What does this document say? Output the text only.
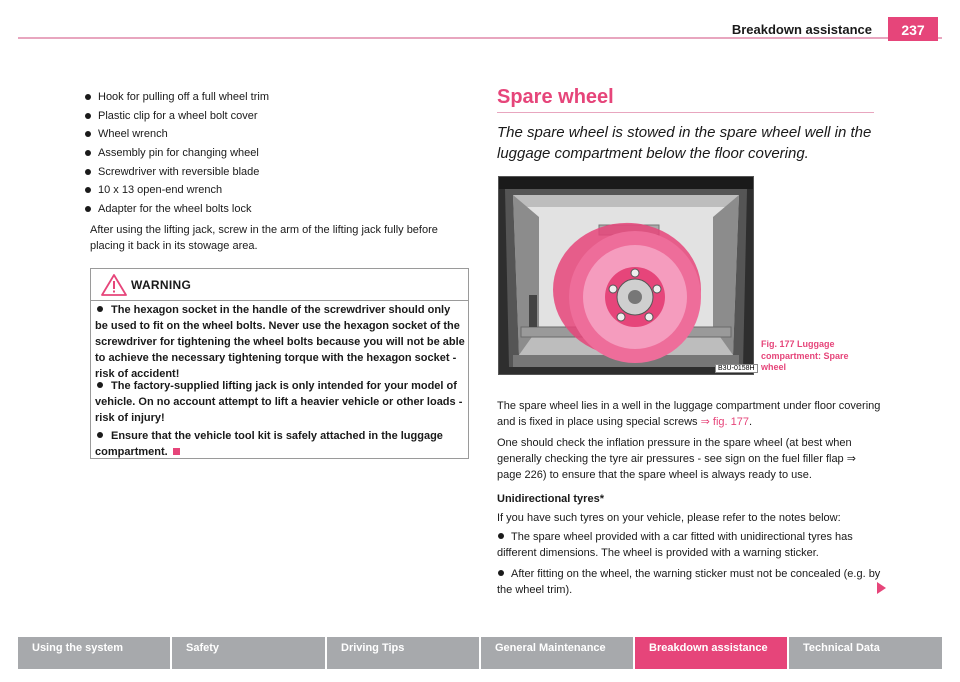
Breakdown assistance	237
Hook for pulling off a full wheel trim
Plastic clip for a wheel bolt cover
Wheel wrench
Assembly pin for changing wheel
Screwdriver with reversible blade
10 x 13 open-end wrench
Adapter for the wheel bolts lock
After using the lifting jack, screw in the arm of the lifting jack fully before placing it back in its stowage area.
WARNING
The hexagon socket in the handle of the screwdriver should only be used to fit on the wheel bolts. Never use the hexagon socket of the screwdriver for tightening the wheel bolts because you will not be able to achieve the necessary tightening torque with the hexagon socket - risk of accident!
The factory-supplied lifting jack is only intended for your model of vehicle. On no account attempt to lift a heavier vehicle or other loads - risk of injury!
Ensure that the vehicle tool kit is safely attached in the luggage compartment.
Spare wheel
The spare wheel is stowed in the spare wheel well in the luggage compartment below the floor covering.
B3U-0158H
Fig. 177 Luggage compartment: Spare wheel
The spare wheel lies in a well in the luggage compartment under floor covering and is fixed in place using special screws ⇒ fig. 177.
One should check the inflation pressure in the spare wheel (at best when generally checking the tyre air pressures - see sign on the fuel filler flap ⇒ page 226) to ensure that the spare wheel is always ready to use.
Unidirectional tyres*
If you have such tyres on your vehicle, please refer to the notes below:
The spare wheel provided with a car fitted with unidirectional tyres has different dimensions. The wheel is provided with a warning sticker.
After fitting on the wheel, the warning sticker must not be concealed (e.g. by the wheel trim).
Using the system	Safety	Driving Tips	General Maintenance	Breakdown assistance	Technical Data
